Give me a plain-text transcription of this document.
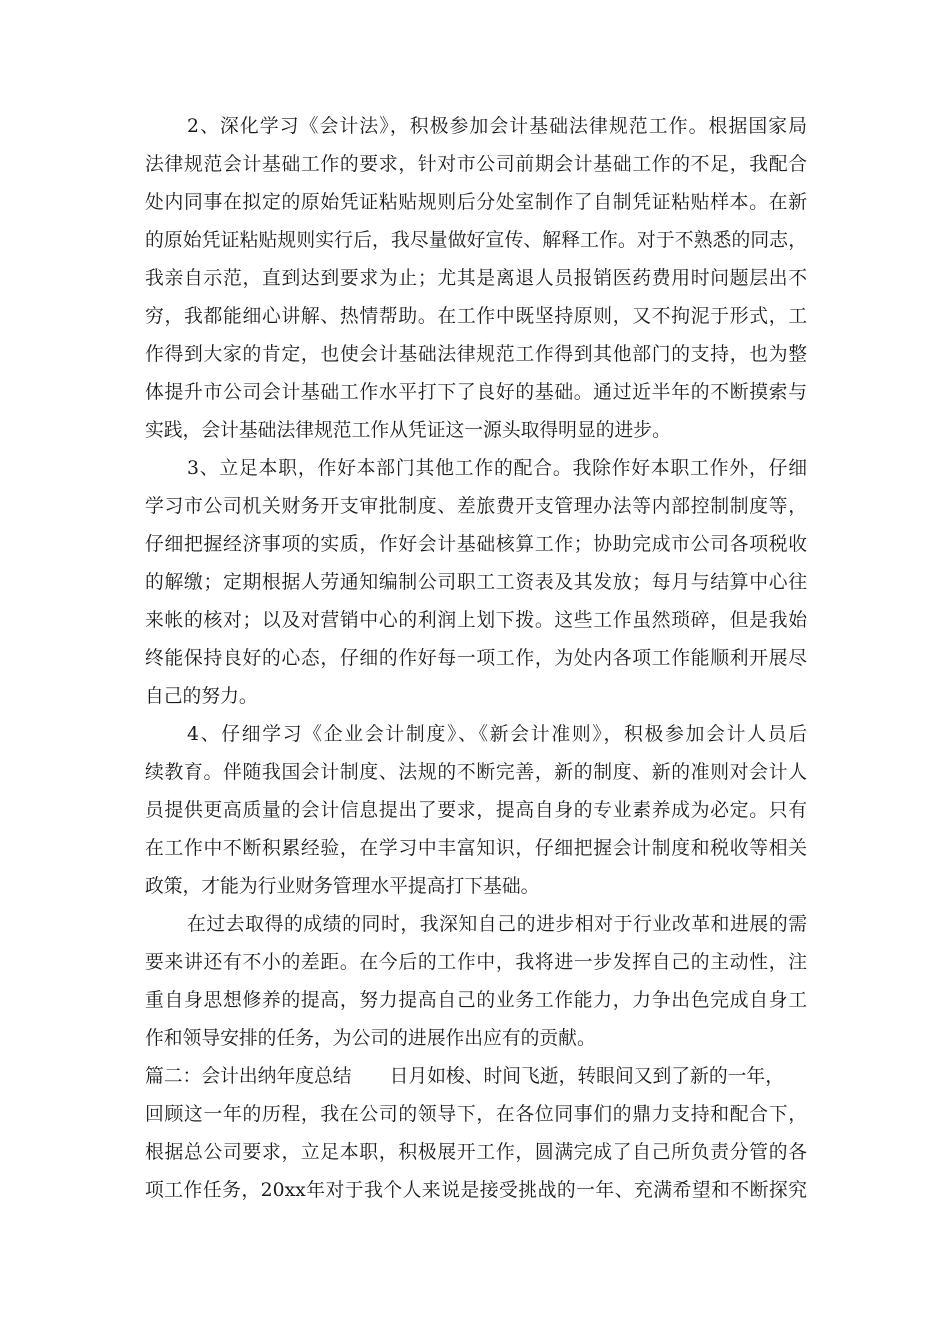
2、深化学习《会计法》，积极参加会计基础法律规范工作。根据国家局
法律规范会计基础工作的要求，针对市公司前期会计基础工作的不足，我配合
处内同事在拟定的原始凭证粘贴规则后分处室制作了自制凭证粘贴样本。在新
的原始凭证粘贴规则实行后，我尽量做好宣传、解释工作。对于不熟悉的同志，
我亲自示范，直到达到要求为止；尤其是离退人员报销医药费用时问题层出不
穷，我都能细心讲解、热情帮助。在工作中既坚持原则，又不拘泥于形式，工
作得到大家的肯定，也使会计基础法律规范工作得到其他部门的支持，也为整
体提升市公司会计基础工作水平打下了良好的基础。通过近半年的不断摸索与
实践，会计基础法律规范工作从凭证这一源头取得明显的进步。
3、立足本职，作好本部门其他工作的配合。我除作好本职工作外，仔细
学习市公司机关财务开支审批制度、差旅费开支管理办法等内部控制制度等，
仔细把握经济事项的实质，作好会计基础核算工作；协助完成市公司各项税收
的解缴；定期根据人劳通知编制公司职工工资表及其发放；每月与结算中心往
来帐的核对；以及对营销中心的利润上划下拨。这些工作虽然琐碎，但是我始
终能保持良好的心态，仔细的作好每一项工作，为处内各项工作能顺利开展尽
自己的努力。
4、仔细学习《企业会计制度》、《新会计准则》，积极参加会计人员后
续教育。伴随我国会计制度、法规的不断完善，新的制度、新的准则对会计人
员提供更高质量的会计信息提出了要求，提高自身的专业素养成为必定。只有
在工作中不断积累经验，在学习中丰富知识，仔细把握会计制度和税收等相关
政策，才能为行业财务管理水平提高打下基础。
在过去取得的成绩的同时，我深知自己的进步相对于行业改革和进展的需
要来讲还有不小的差距。在今后的工作中，我将进一步发挥自己的主动性，注
重自身思想修养的提高，努力提高自己的业务工作能力，力争出色完成自身工
作和领导安排的任务，为公司的进展作出应有的贡献。
篇二：会计出纳年度总结 日月如梭、时间飞逝，转眼间又到了新的一年，
回顾这一年的历程，我在公司的领导下，在各位同事们的鼎力支持和配合下，
根据总公司要求，立足本职，积极展开工作，圆满完成了自己所负责分管的各
项工作任务，20xx年对于我个人来说是接受挑战的一年、充满希望和不断探究
